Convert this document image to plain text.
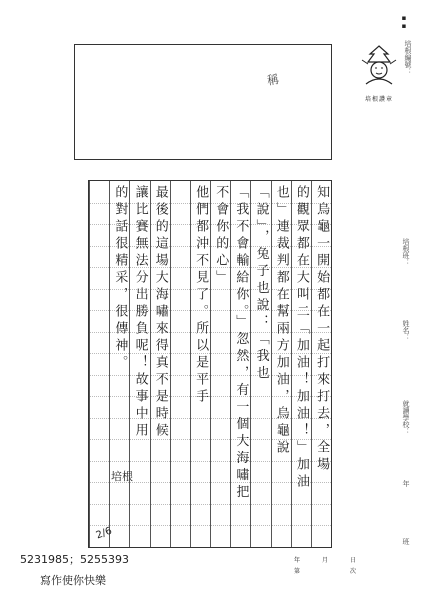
▪▪
培根編號：
培根讚章
培根班：
姓名：
就讀學校：
年
班
稱
知烏龜一開始都在一起打來打去，全場
的觀眾都在大叫二「加油！加油！」加油
也」連裁判都在幫兩方加油，烏龜說
「說」，兔子也說：「我也
「我不會輸給你。」忽然，有一個大海嘯把
不會你的心」
他們都沖不見了。所以是平手
最後的這場大海嘯來得真不是時候
讓比賽無法分出勝負呢！故事中用
的對話很精采，很傳神。
培根
2/6
5231985；5255393
寫作使你快樂
年	月	日
第	次
